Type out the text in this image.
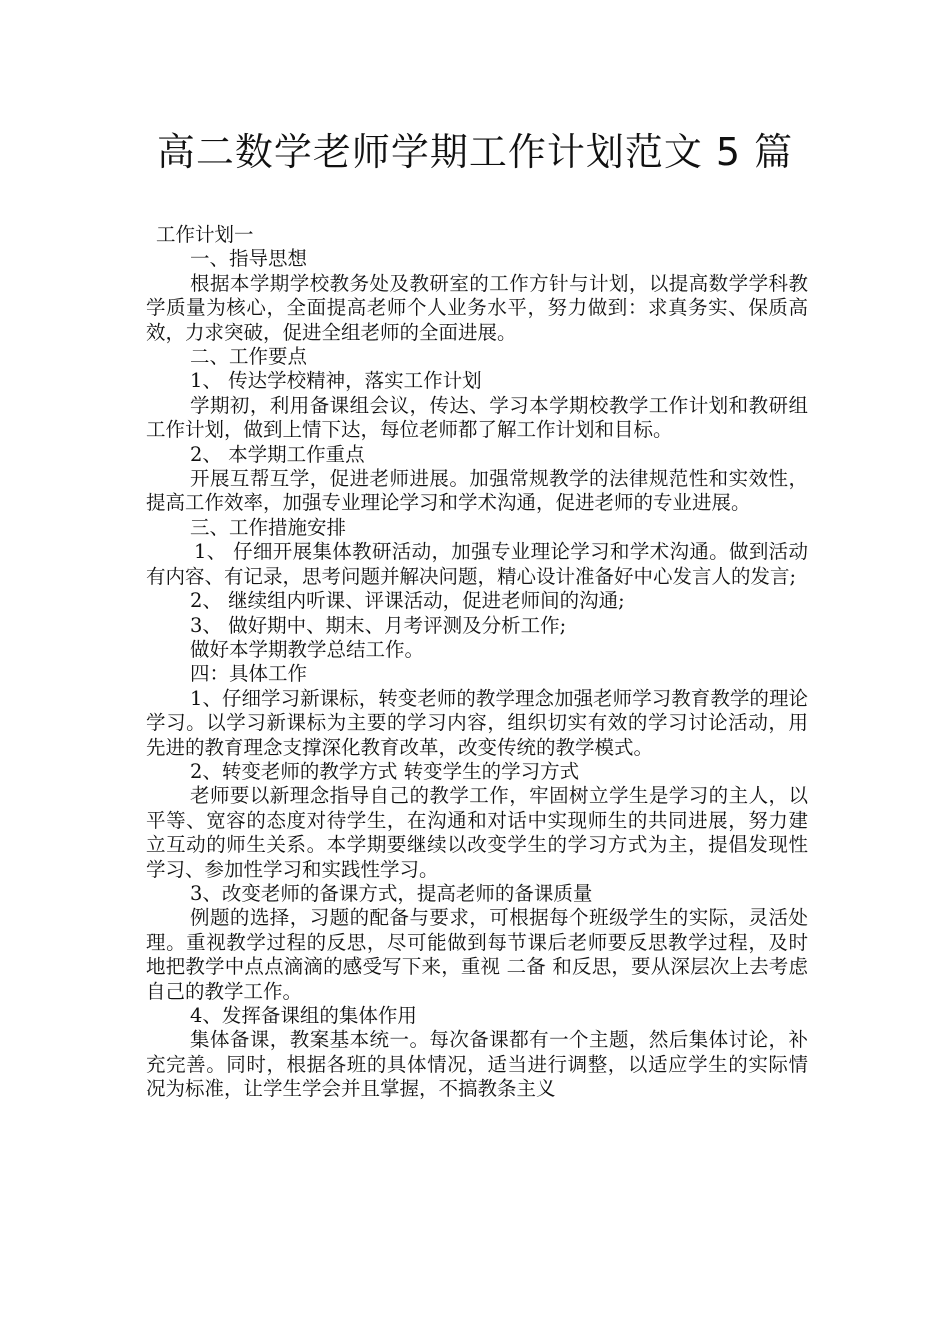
高二数学老师学期工作计划范文 5 篇

工作计划一

一、指导思想

根据本学期学校教务处及教研室的工作方针与计划，以提高数学学科教学质量为核心，全面提高老师个人业务水平，努力做到：求真务实、保质高效，力求突破，促进全组老师的全面进展。

二、工作要点

1、 传达学校精神，落实工作计划

学期初，利用备课组会议，传达、学习本学期校教学工作计划和教研组工作计划，做到上情下达，每位老师都了解工作计划和目标。

2、 本学期工作重点

开展互帮互学，促进老师进展。加强常规教学的法律规范性和实效性，提高工作效率，加强专业理论学习和学术沟通，促进老师的专业进展。

三、工作措施安排

1、 仔细开展集体教研活动，加强专业理论学习和学术沟通。做到活动有内容、有记录，思考问题并解决问题，精心设计准备好中心发言人的发言;

2、 继续组内听课、评课活动，促进老师间的沟通;

3、 做好期中、期末、月考评测及分析工作;

做好本学期教学总结工作。

四：具体工作

1、仔细学习新课标，转变老师的教学理念加强老师学习教育教学的理论学习。以学习新课标为主要的学习内容，组织切实有效的学习讨论活动，用先进的教育理念支撑深化教育改革，改变传统的教学模式。

2、转变老师的教学方式 转变学生的学习方式

老师要以新理念指导自己的教学工作，牢固树立学生是学习的主人，以平等、宽容的态度对待学生，在沟通和对话中实现师生的共同进展，努力建立互动的师生关系。本学期要继续以改变学生的学习方式为主，提倡发现性学习、参加性学习和实践性学习。

3、改变老师的备课方式，提高老师的备课质量

例题的选择，习题的配备与要求，可根据每个班级学生的实际，灵活处理。重视教学过程的反思，尽可能做到每节课后老师要反思教学过程，及时地把教学中点点滴滴的感受写下来，重视 二备 和反思，要从深层次上去考虑自己的教学工作。

4、发挥备课组的集体作用

集体备课，教案基本统一。每次备课都有一个主题，然后集体讨论，补充完善。同时，根据各班的具体情况，适当进行调整，以适应学生的实际情况为标准，让学生学会并且掌握，不搞教条主义
